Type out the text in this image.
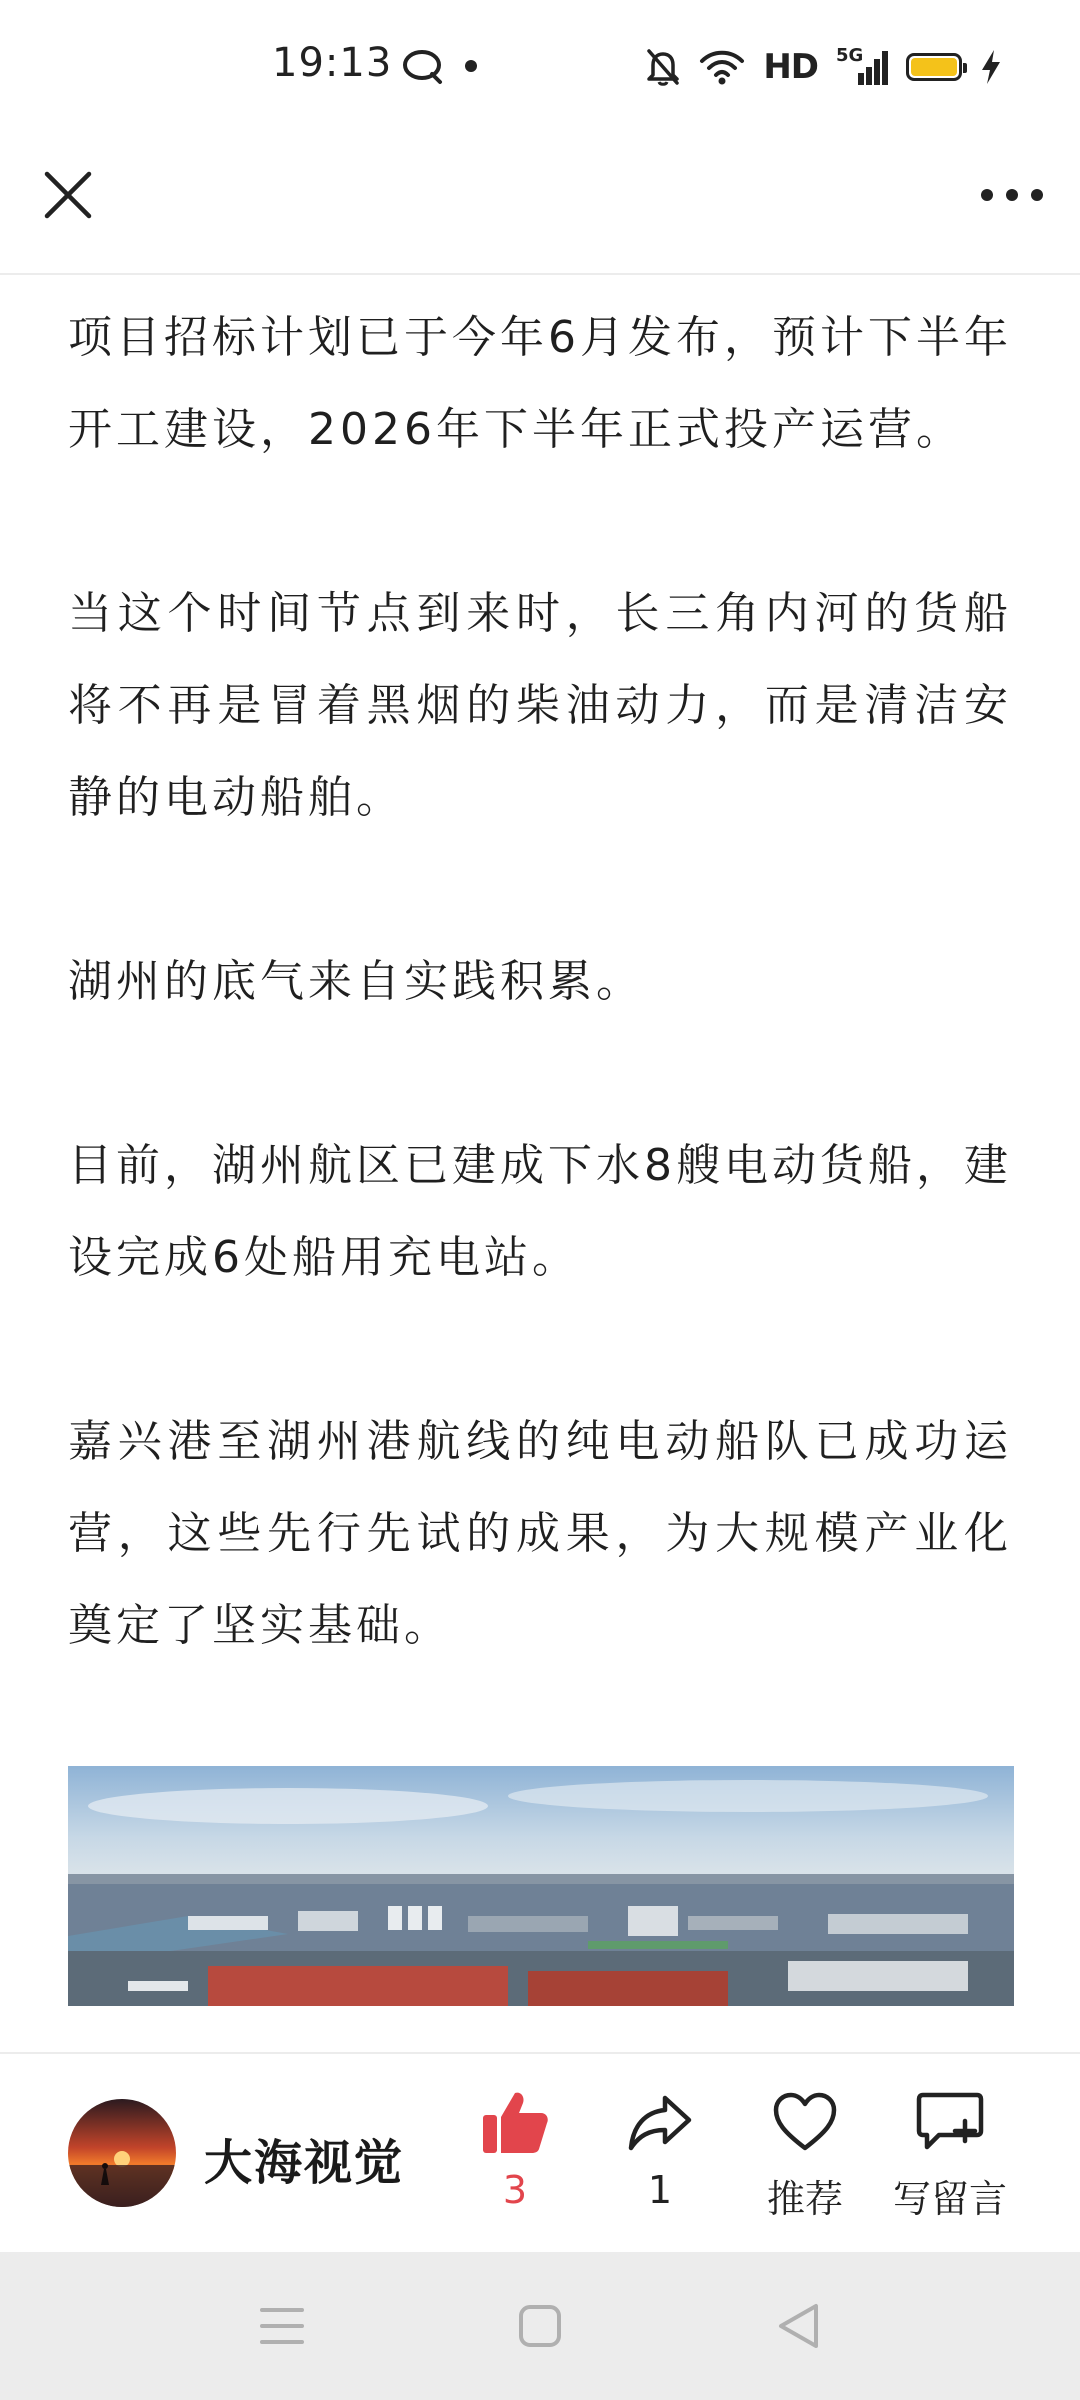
19:13	HD 5G

项目招标计划已于今年6月发布，预计下半年开工建设，2026年下半年正式投产运营。

当这个时间节点到来时，长三角内河的货船将不再是冒着黑烟的柴油动力，而是清洁安静的电动船舶。

湖州的底气来自实践积累。

目前，湖州航区已建成下水8艘电动货船，建设完成6处船用充电站。

嘉兴港至湖州港航线的纯电动船队已成功运营，这些先行先试的成果，为大规模产业化奠定了坚实基础。

大海视觉	3	1 推荐 写留言
